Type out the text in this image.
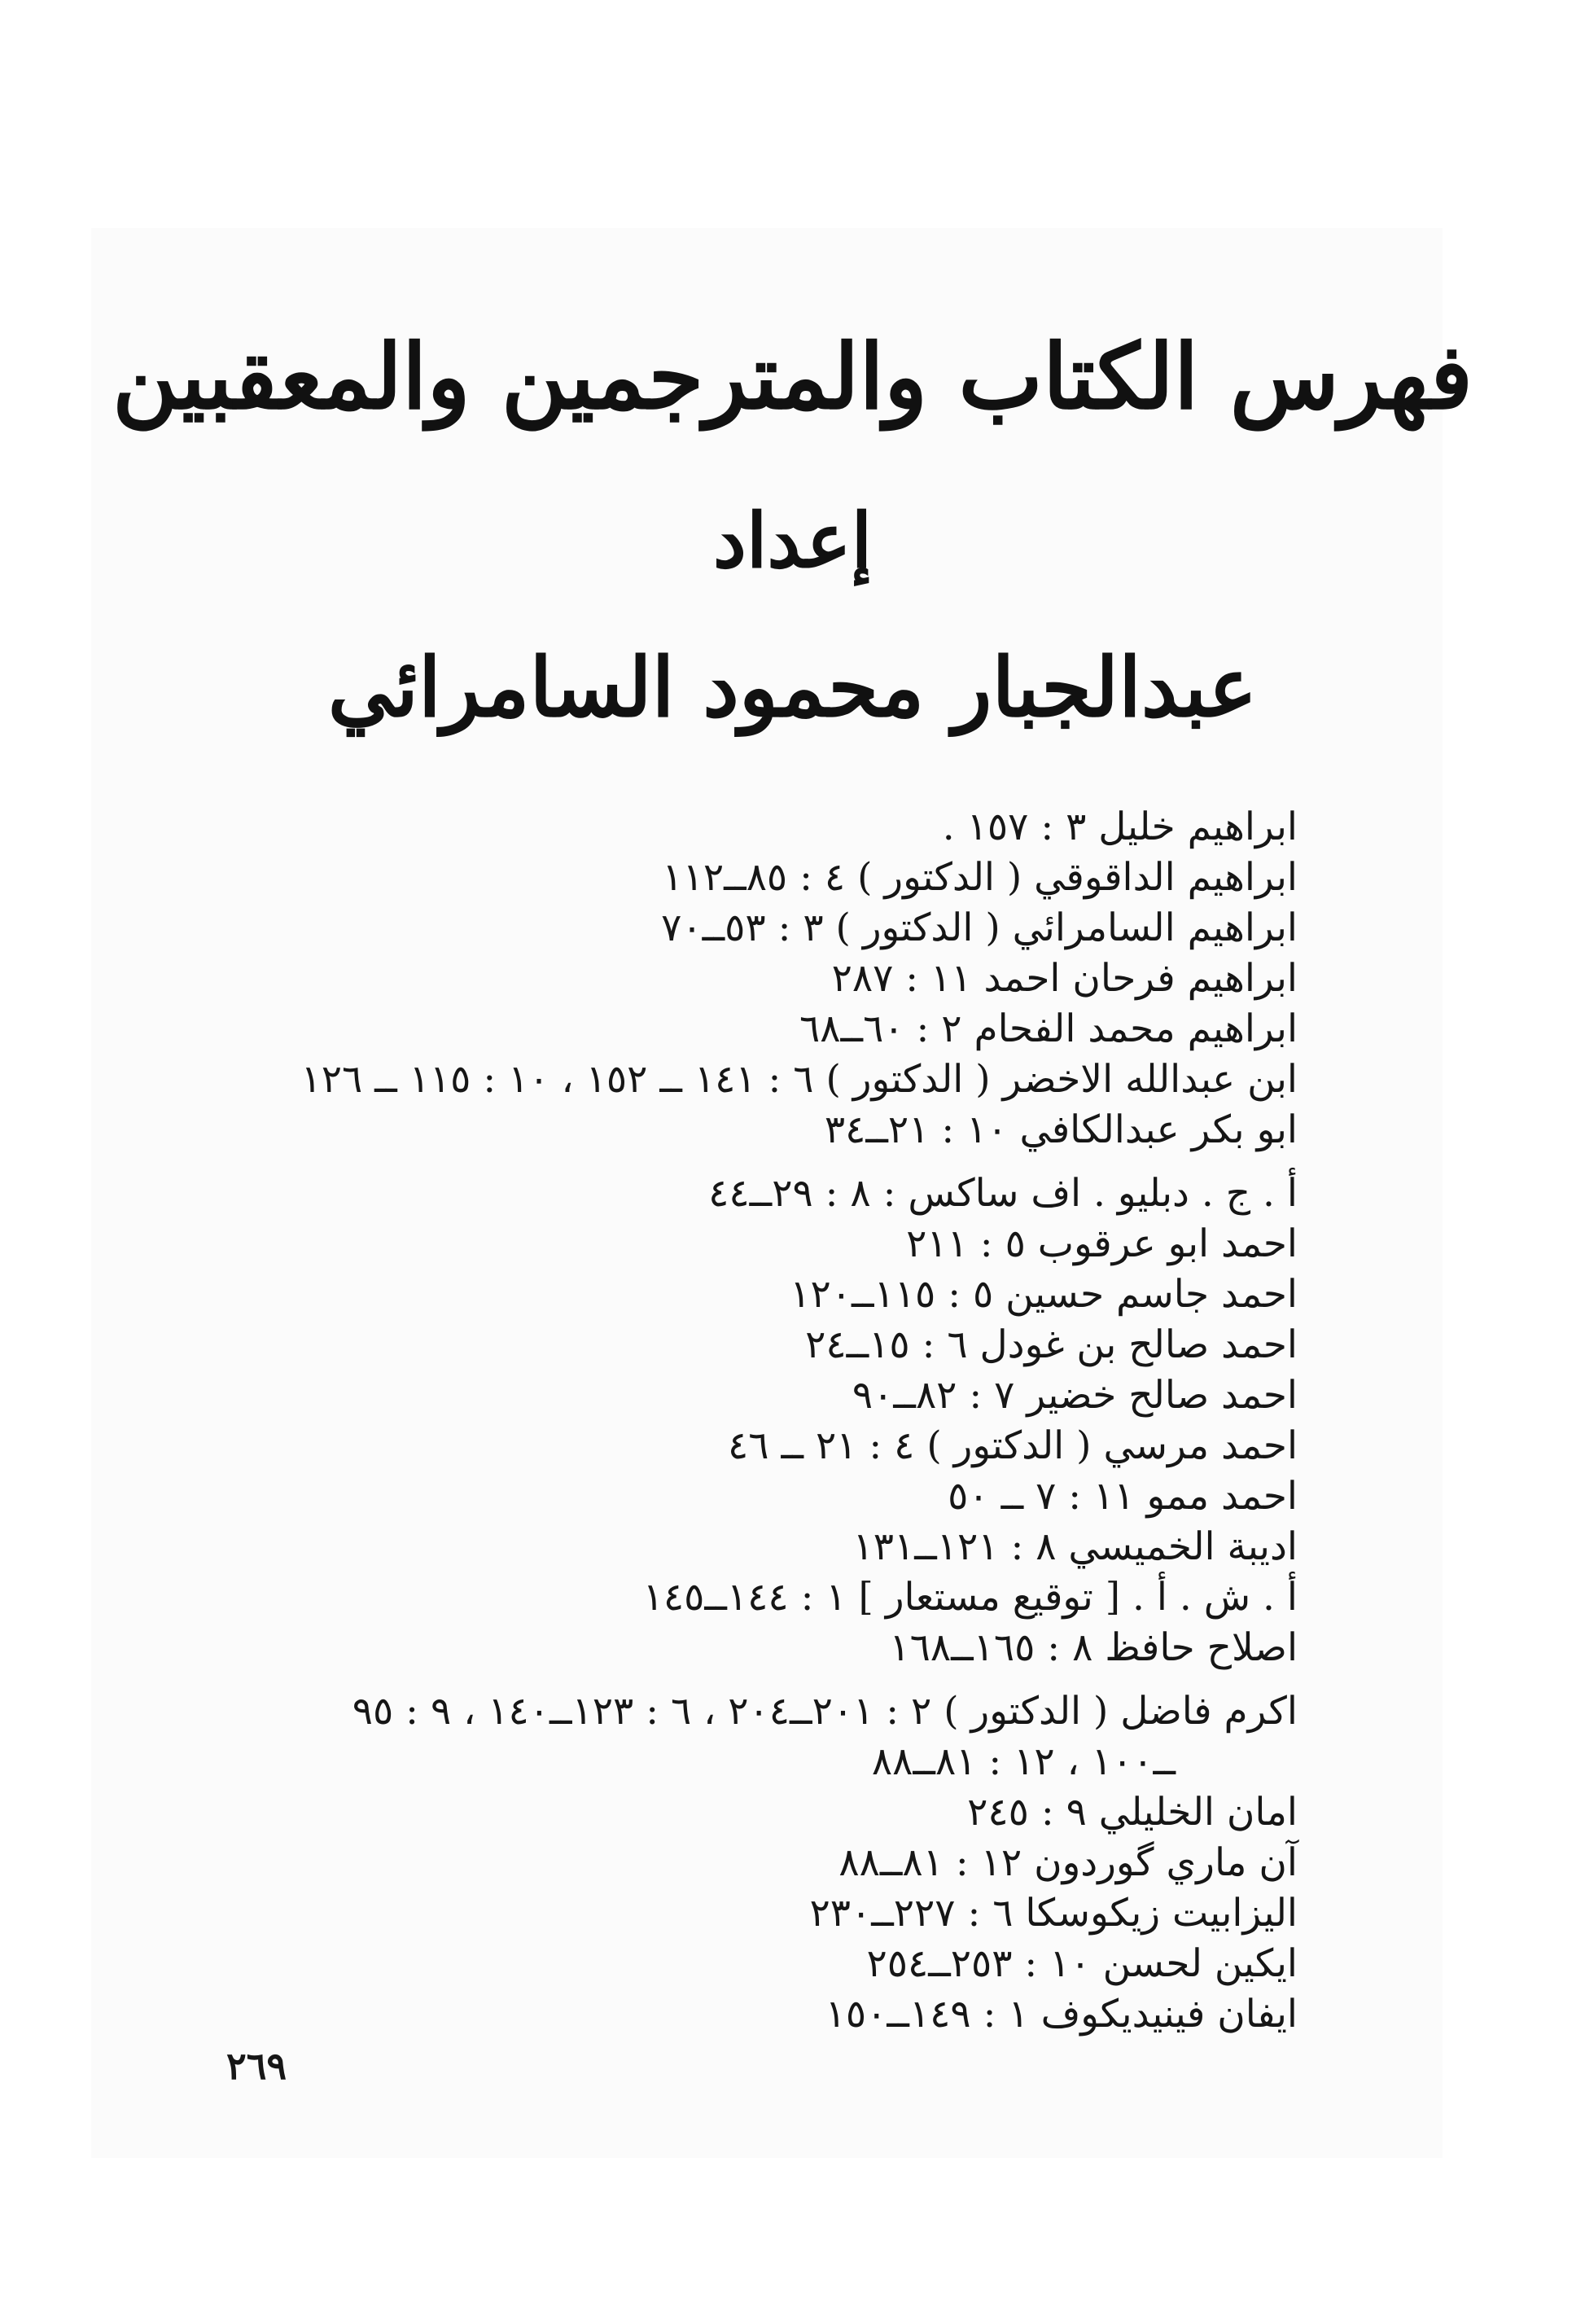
فهرس الكتاب والمترجمين والمعقبين
إعداد
عبدالجبار محمود السامرائي
ابراهيم خليل ٣ : ١٥٧ .
ابراهيم الداقوقي ( الدكتور ) ٤ : ٨٥ــ١١٢
ابراهيم السامرائي ( الدكتور ) ٣ : ٥٣ــ٧٠
ابراهيم فرحان احمد ١١ : ٢٨٧
ابراهيم محمد الفحام ٢ : ٦٠ــ٦٨
ابن عبدالله الاخضر ( الدكتور ) ٦ : ١٤١ ــ ١٥٢ ، ١٠ : ١١٥ ــ ١٢٦
ابو بكر عبدالكافي ١٠ : ٢١ــ٣٤
أ . ج . دبليو . اف ساكس : ٨ : ٢٩ــ٤٤
احمد ابو عرقوب ٥ : ٢١١
احمد جاسم حسين ٥ : ١١٥ــ١٢٠
احمد صالح بن غودل ٦ : ١٥ــ٢٤
احمد صالح خضير ٧ : ٨٢ــ٩٠
احمد مرسي ( الدكتور ) ٤ : ٢١ ــ ٤٦
احمد ممو ١١ : ٧ ــ ٥٠
اديبة الخميسي ٨ : ١٢١ــ١٣١
أ . ش . أ . [ توقيع مستعار ] ١ : ١٤٤ــ١٤٥
اصلاح حافظ ٨ : ١٦٥ــ١٦٨
اكرم فاضل ( الدكتور ) ٢ : ٢٠١ــ٢٠٤ ، ٦ : ١٢٣ــ١٤٠ ، ٩ : ٩٥
ــ١٠٠ ، ١٢ : ٨١ــ٨٨
امان الخليلي ٩ : ٢٤٥
آن ماري گوردون ١٢ : ٨١ــ٨٨
اليزابيت زيكوسكا ٦ : ٢٢٧ــ٢٣٠
ايكين لحسن ١٠ : ٢٥٣ــ٢٥٤
ايفان فينيديكوف ١ : ١٤٩ــ١٥٠
٢٦٩
